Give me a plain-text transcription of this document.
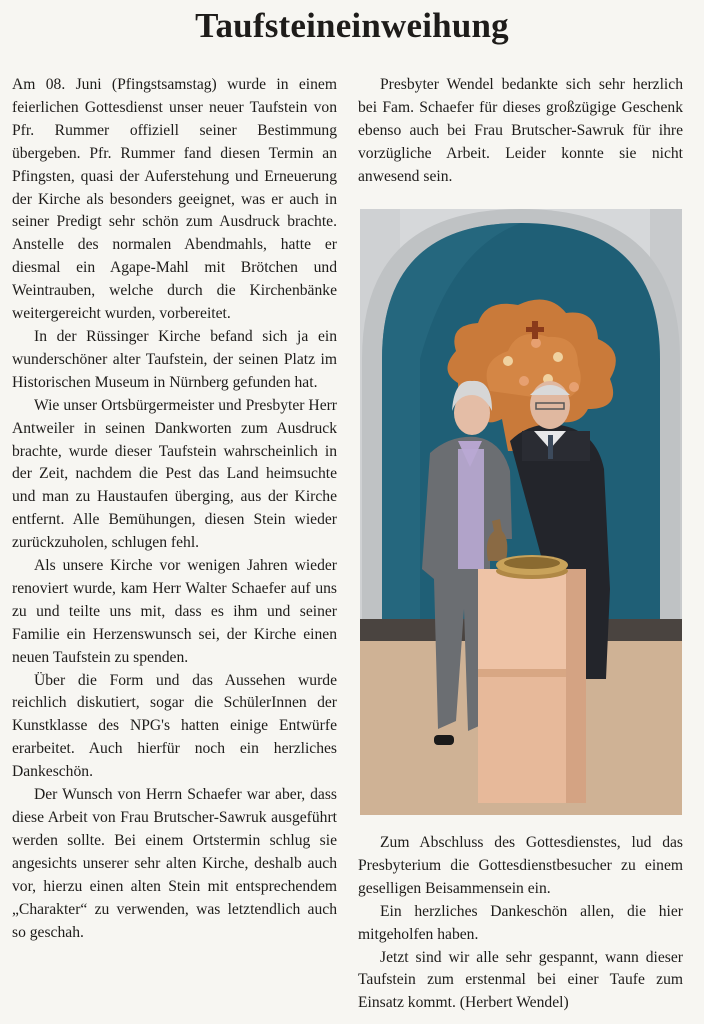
Taufsteineinweihung

Am 08. Juni (Pfingstsamstag) wurde in einem feierlichen Gottesdienst unser neuer Taufstein von Pfr. Rummer offiziell seiner Bestimmung übergeben. Pfr. Rummer fand diesen Termin an Pfingsten, quasi der Auferstehung und Erneuerung der Kirche als besonders geeignet, was er auch in seiner Predigt sehr schön zum Ausdruck brachte. Anstelle des normalen Abendmahls, hatte er diesmal ein Agape-Mahl mit Brötchen und Weintrauben, welche durch die Kirchenbänke weitergereicht wurden, vorbereitet.

In der Rüssinger Kirche befand sich ja ein wunderschöner alter Taufstein, der seinen Platz im Historischen Museum in Nürnberg gefunden hat.

Wie unser Ortsbürgermeister und Presbyter Herr Antweiler in seinen Dankworten zum Ausdruck brachte, wurde dieser Taufstein wahrscheinlich in der Zeit, nachdem die Pest das Land heimsuchte und man zu Haustaufen überging, aus der Kirche entfernt. Alle Bemühungen, diesen Stein wieder zurückzuholen, schlugen fehl.

Als unsere Kirche vor wenigen Jahren wieder renoviert wurde, kam Herr Walter Schaefer auf uns zu und teilte uns mit, dass es ihm und seiner Familie ein Herzenswunsch sei, der Kirche einen neuen Taufstein zu spenden.

Über die Form und das Aussehen wurde reichlich diskutiert, sogar die SchülerInnen der Kunstklasse des NPG's hatten einige Entwürfe erarbeitet. Auch hierfür noch ein herzliches Dankeschön.

Der Wunsch von Herrn Schaefer war aber, dass diese Arbeit von Frau Brutscher-Sawruk ausgeführt werden sollte. Bei einem Ortstermin schlug sie angesichts unserer sehr alten Kirche, deshalb auch vor, hierzu einen alten Stein mit entsprechendem „Charakter“ zu verwenden, was letztendlich auch so geschah.

Presbyter Wendel bedankte sich sehr herzlich bei Fam. Schaefer für dieses großzügige Geschenk ebenso auch bei Frau Brutscher-Sawruk für ihre vorzügliche Arbeit. Leider konnte sie nicht anwesend sein.

Zum Abschluss des Gottesdienstes, lud das Presbyterium die Gottesdienstbesucher zu einem geselligen Beisammensein ein.

Ein herzliches Dankeschön allen, die hier mitgeholfen haben.

Jetzt sind wir alle sehr gespannt, wann dieser Taufstein zum erstenmal bei einer Taufe zum Einsatz kommt. (Herbert Wendel)
